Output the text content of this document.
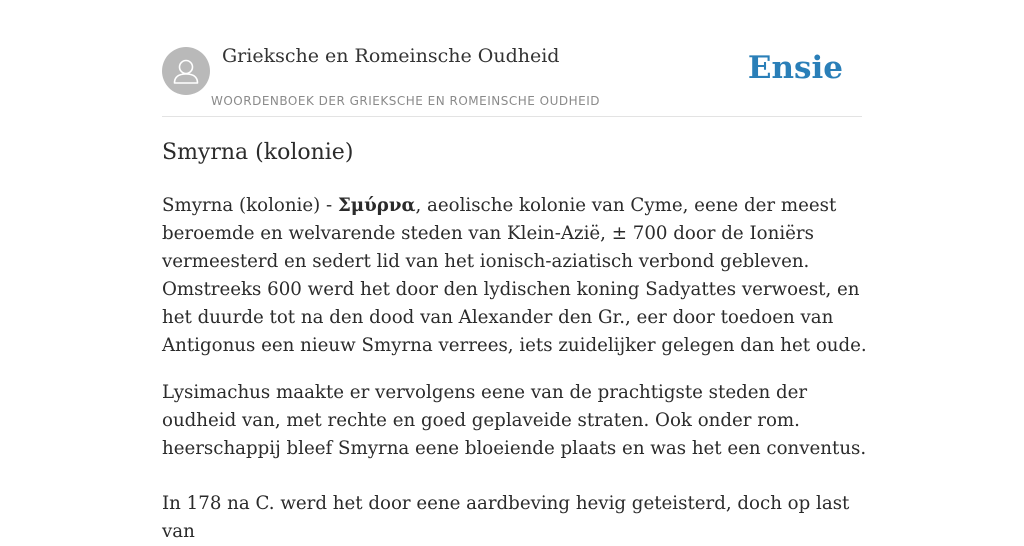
Grieksche en Romeinsche Oudheid
WOORDENBOEK DER GRIEKSCHE EN ROMEINSCHE OUDHEID
Ensie
Smyrna (kolonie)

Smyrna (kolonie) - Σμύρνα, aeolische kolonie van Cyme, eene der meest beroemde en welvarende steden van Klein-Azië, ± 700 door de Ioniërs vermeesterd en sedert lid van het ionisch-aziatisch verbond gebleven. Omstreeks 600 werd het door den lydischen koning Sadyattes verwoest, en het duurde tot na den dood van Alexander den Gr., eer door toedoen van Antigonus een nieuw Smyrna verrees, iets zuidelijker gelegen dan het oude.

Lysimachus maakte er vervolgens eene van de prachtigste steden der oudheid van, met rechte en goed geplaveide straten. Ook onder rom. heerschappij bleef Smyrna eene bloeiende plaats en was het een conventus.

In 178 na C. werd het door eene aardbeving hevig geteisterd, doch op last van
